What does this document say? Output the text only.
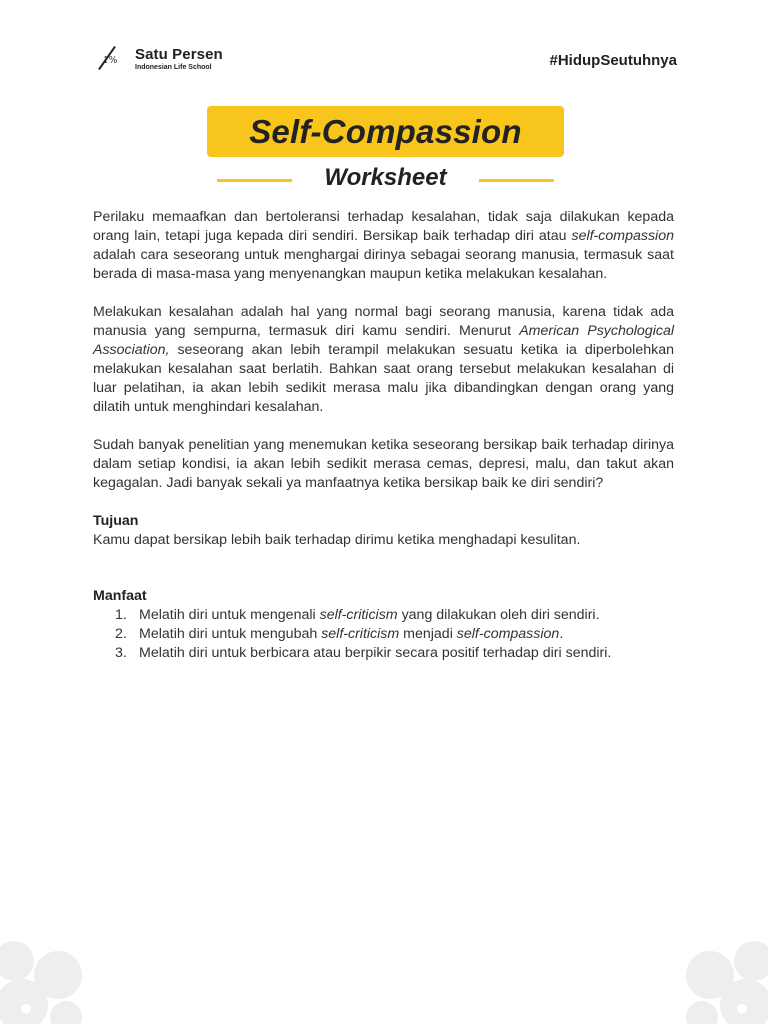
1% Satu Persen
Indonesian Life School	#HidupSeutuhnya
Self-Compassion
Worksheet

Perilaku memaafkan dan bertoleransi terhadap kesalahan, tidak saja dilakukan kepada orang lain, tetapi juga kepada diri sendiri. Bersikap baik terhadap diri atau self-compassion adalah cara seseorang untuk menghargai dirinya sebagai seorang manusia, termasuk saat berada di masa-masa yang menyenangkan maupun ketika melakukan kesalahan.

Melakukan kesalahan adalah hal yang normal bagi seorang manusia, karena tidak ada manusia yang sempurna, termasuk diri kamu sendiri. Menurut American Psychological Association, seseorang akan lebih terampil melakukan sesuatu ketika ia diperbolehkan melakukan kesalahan saat berlatih. Bahkan saat orang tersebut melakukan kesalahan di luar pelatihan, ia akan lebih sedikit merasa malu jika dibandingkan dengan orang yang dilatih untuk menghindari kesalahan.

Sudah banyak penelitian yang menemukan ketika seseorang bersikap baik terhadap dirinya dalam setiap kondisi, ia akan lebih sedikit merasa cemas, depresi, malu, dan takut akan kegagalan. Jadi banyak sekali ya manfaatnya ketika bersikap baik ke diri sendiri?

Tujuan

Kamu dapat bersikap lebih baik terhadap dirimu ketika menghadapi kesulitan.

Manfaat

1. Melatih diri untuk mengenali self-criticism yang dilakukan oleh diri sendiri.
2. Melatih diri untuk mengubah self-criticism menjadi self-compassion.
3. Melatih diri untuk berbicara atau berpikir secara positif terhadap diri sendiri.
